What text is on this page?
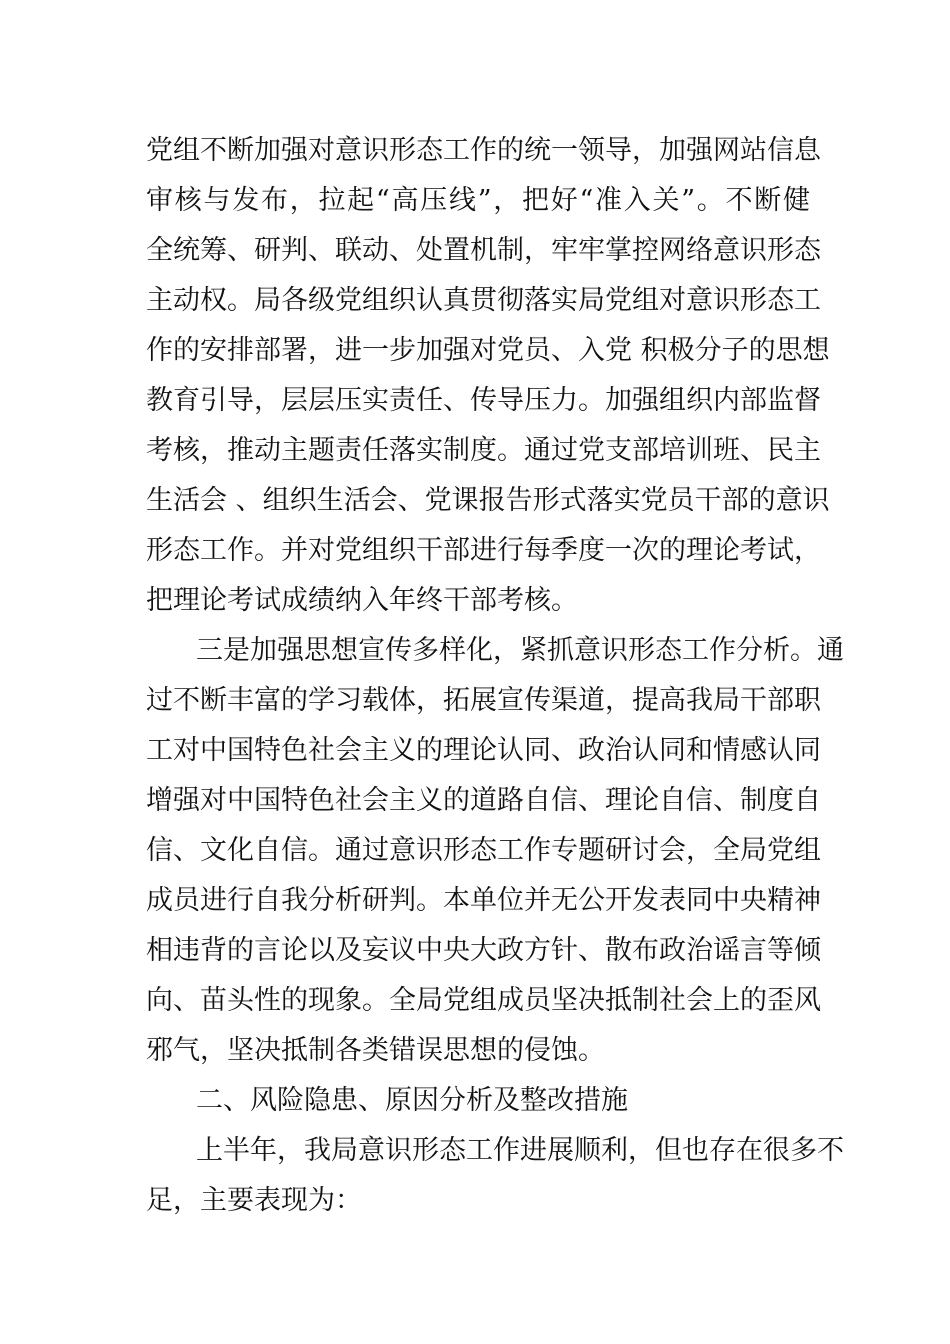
党组不断加强对意识形态工作的统一领导，加强网站信息
审核与发布，拉起“高压线”，把好“准入关”。不断健
全统筹、研判、联动、处置机制，牢牢掌控网络意识形态
主动权。局各级党组织认真贯彻落实局党组对意识形态工
作的安排部署，进一步加强对党员、入党 积极分子的思想
教育引导，层层压实责任、传导压力。加强组织内部监督
考核，推动主题责任落实制度。通过党支部培训班、民主
生活会 、组织生活会、党课报告形式落实党员干部的意识
形态工作。并对党组织干部进行每季度一次的理论考试，
把理论考试成绩纳入年终干部考核。
三是加强思想宣传多样化，紧抓意识形态工作分析。通
过不断丰富的学习载体，拓展宣传渠道，提高我局干部职
工对中国特色社会主义的理论认同、政治认同和情感认同
增强对中国特色社会主义的道路自信、理论自信、制度自
信、文化自信。通过意识形态工作专题研讨会，全局党组
成员进行自我分析研判。本单位并无公开发表同中央精神
相违背的言论以及妄议中央大政方针、散布政治谣言等倾
向、苗头性的现象。全局党组成员坚决抵制社会上的歪风
邪气，坚决抵制各类错误思想的侵蚀。
二、风险隐患、原因分析及整改措施
上半年，我局意识形态工作进展顺利，但也存在很多不
足，主要表现为：
